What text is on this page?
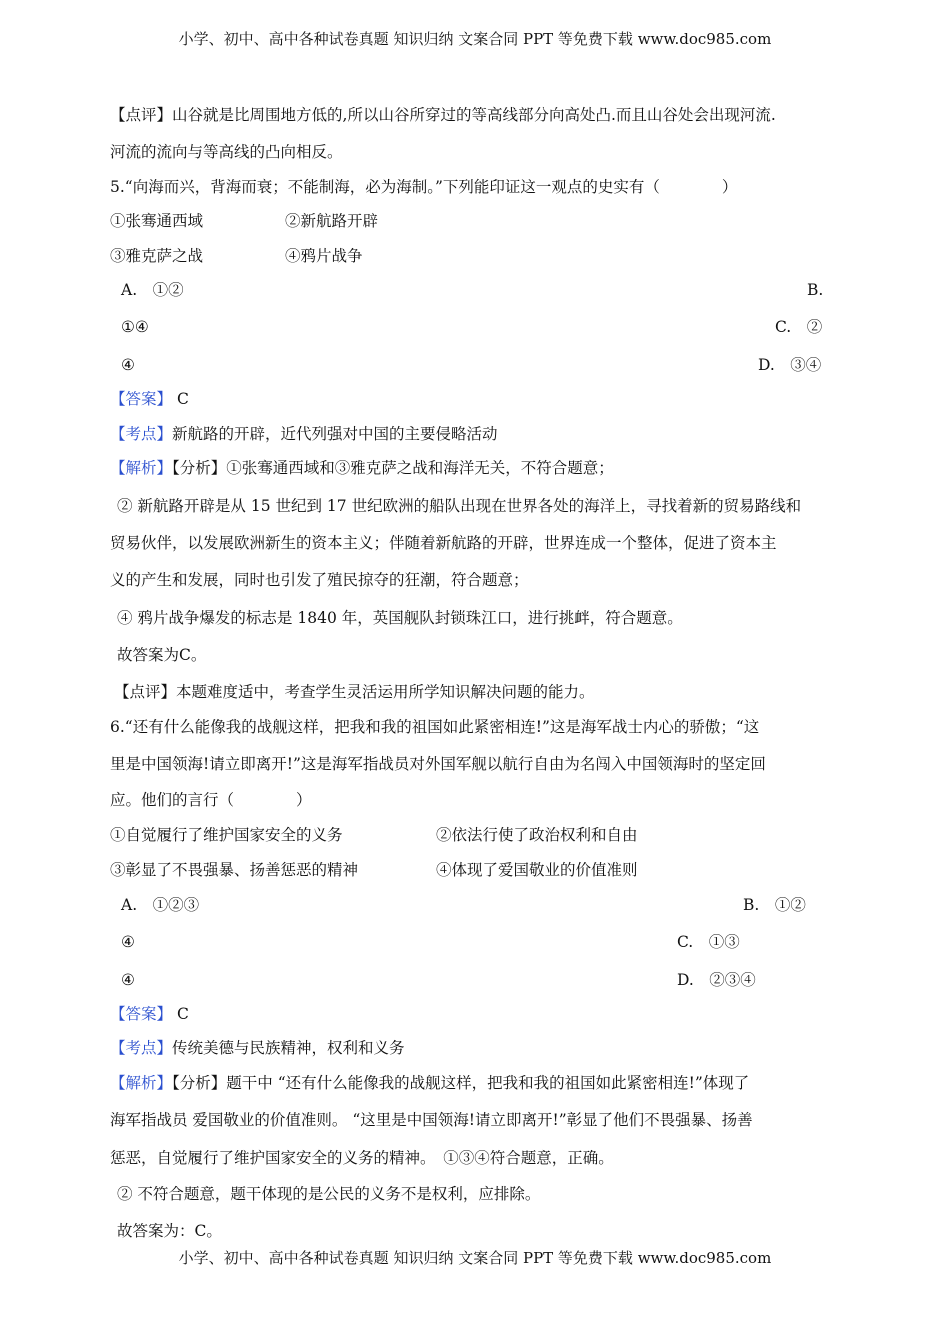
小学、初中、高中各种试卷真题 知识归纳 文案合同 PPT 等免费下载 www.doc985.com
【点评】山谷就是比周围地方低的,所以山谷所穿过的等高线部分向高处凸.而且山谷处会出现河流.
河流的流向与等高线的凸向相反。
5.“向海而兴，背海而衰；不能制海，必为海制。”下列能印证这一观点的史实有（　　　　）
①张骞通西域	②新航路开辟
③雅克萨之战	④鸦片战争
A.　①②	B.
①④	C.　②
④	D.　③④
【答案】 C
【考点】新航路的开辟，近代列强对中国的主要侵略活动
【解析】【分析】①张骞通西域和③雅克萨之战和海洋无关，不符合题意；
② 新航路开辟是从 15 世纪到 17 世纪欧洲的船队出现在世界各处的海洋上，寻找着新的贸易路线和
贸易伙伴，以发展欧洲新生的资本主义；伴随着新航路的开辟，世界连成一个整体，促进了资本主
义的产生和发展，同时也引发了殖民掠夺的狂潮，符合题意；
④ 鸦片战争爆发的标志是 1840 年，英国舰队封锁珠江口，进行挑衅，符合题意。
故答案为C。
【点评】本题难度适中，考查学生灵活运用所学知识解决问题的能力。
6.“还有什么能像我的战舰这样，把我和我的祖国如此紧密相连!”这是海军战士内心的骄傲；“这
里是中国领海!请立即离开!”这是海军指战员对外国军舰以航行自由为名闯入中国领海时的坚定回
应。他们的言行（　　　　）
①自觉履行了维护国家安全的义务	②依法行使了政治权利和自由
③彰显了不畏强暴、扬善惩恶的精神	④体现了爱国敬业的价值准则
A.　①②③	B.　①②
④	C.　①③
④	D.　②③④
【答案】 C
【考点】传统美德与民族精神，权利和义务
【解析】【分析】题干中 “还有什么能像我的战舰这样，把我和我的祖国如此紧密相连!”体现了
海军指战员 爱国敬业的价值准则。 “这里是中国领海!请立即离开!”彰显了他们不畏强暴、扬善
惩恶，自觉履行了维护国家安全的义务的精神。　①③④符合题意，正确。
② 不符合题意，题干体现的是公民的义务不是权利，应排除。
故答案为：C。
小学、初中、高中各种试卷真题 知识归纳 文案合同 PPT 等免费下载 www.doc985.com
